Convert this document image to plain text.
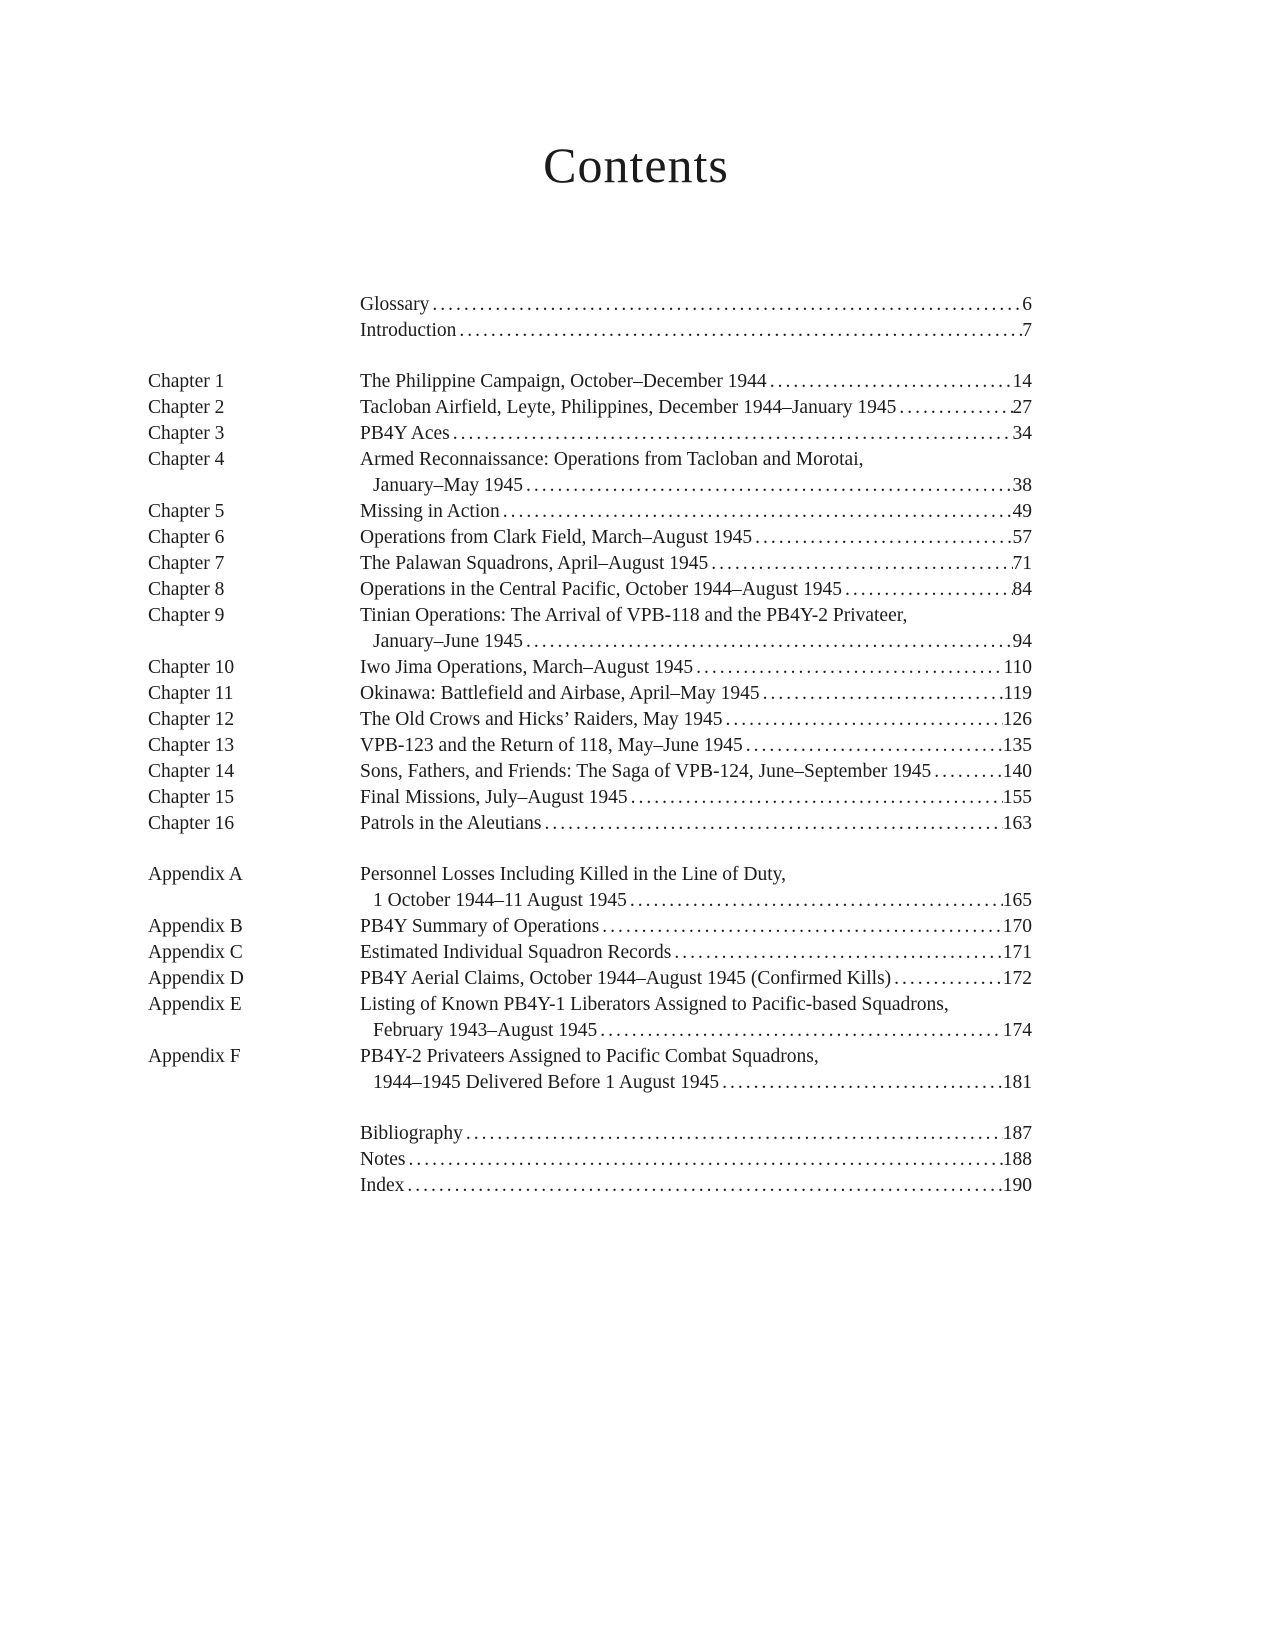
Contents
Glossary .....	6
Introduction .....	7
Chapter 1	The Philippine Campaign, October–December 1944 .....	14
Chapter 2	Tacloban Airfield, Leyte, Philippines, December 1944–January 1945 .....	27
Chapter 3	PB4Y Aces .....	34
Chapter 4	Armed Reconnaissance: Operations from Tacloban and Morotai,
January–May 1945 .....	38
Chapter 5	Missing in Action .....	49
Chapter 6	Operations from Clark Field, March–August 1945 .....	57
Chapter 7	The Palawan Squadrons, April–August 1945 .....	71
Chapter 8	Operations in the Central Pacific, October 1944–August 1945 .....	84
Chapter 9	Tinian Operations: The Arrival of VPB-118 and the PB4Y-2 Privateer,
January–June 1945 .....	94
Chapter 10	Iwo Jima Operations, March–August 1945 .....	110
Chapter 11	Okinawa: Battlefield and Airbase, April–May 1945 .....	119
Chapter 12	The Old Crows and Hicks’ Raiders, May 1945 .....	126
Chapter 13	VPB-123 and the Return of 118, May–June 1945 .....	135
Chapter 14	Sons, Fathers, and Friends: The Saga of VPB-124, June–September 1945 .....	140
Chapter 15	Final Missions, July–August 1945 .....	155
Chapter 16	Patrols in the Aleutians .....	163
Appendix A	Personnel Losses Including Killed in the Line of Duty,
1 October 1944–11 August 1945 .....	165
Appendix B	PB4Y Summary of Operations .....	170
Appendix C	Estimated Individual Squadron Records .....	171
Appendix D	PB4Y Aerial Claims, October 1944–August 1945 (Confirmed Kills) .....	172
Appendix E	Listing of Known PB4Y-1 Liberators Assigned to Pacific-based Squadrons,
February 1943–August 1945 .....	174
Appendix F	PB4Y-2 Privateers Assigned to Pacific Combat Squadrons,
1944–1945 Delivered Before 1 August 1945 .....	181
Bibliography .....	187
Notes .....	188
Index .....	190
